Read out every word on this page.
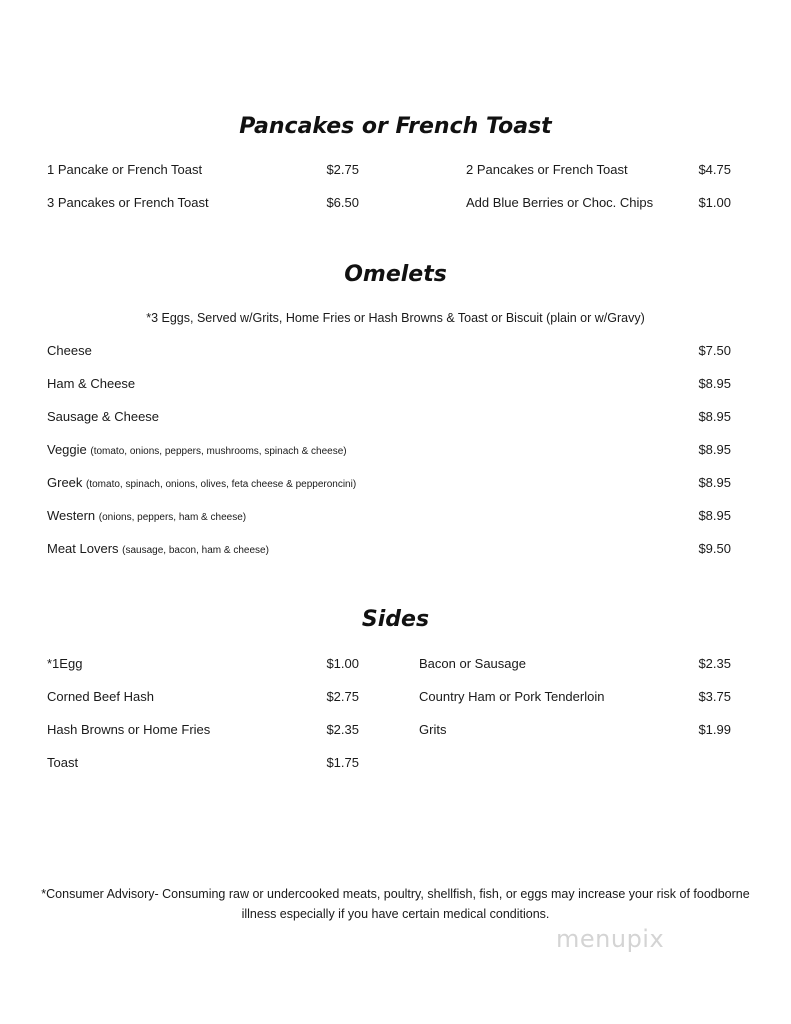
Pancakes or French Toast
1 Pancake or French Toast	$2.75	2 Pancakes or French Toast	$4.75
3 Pancakes or French Toast	$6.50	Add Blue Berries or Choc. Chips	$1.00
Omelets
*3 Eggs, Served w/Grits, Home Fries or Hash Browns & Toast or Biscuit (plain or w/Gravy)
Cheese	$7.50
Ham & Cheese	$8.95
Sausage & Cheese	$8.95
Veggie (tomato, onions, peppers, mushrooms, spinach & cheese)	$8.95
Greek (tomato, spinach, onions, olives, feta cheese & pepperoncini)	$8.95
Western (onions, peppers, ham & cheese)	$8.95
Meat Lovers (sausage, bacon, ham & cheese)	$9.50
Sides
*1Egg	$1.00	Bacon or Sausage	$2.35
Corned Beef Hash	$2.75	Country Ham or Pork Tenderloin	$3.75
Hash Browns or Home Fries	$2.35	Grits	$1.99
Toast	$1.75
*Consumer Advisory- Consuming raw or undercooked meats, poultry, shellfish, fish, or eggs may increase your risk of foodborne illness especially if you have certain medical conditions.
menupix
